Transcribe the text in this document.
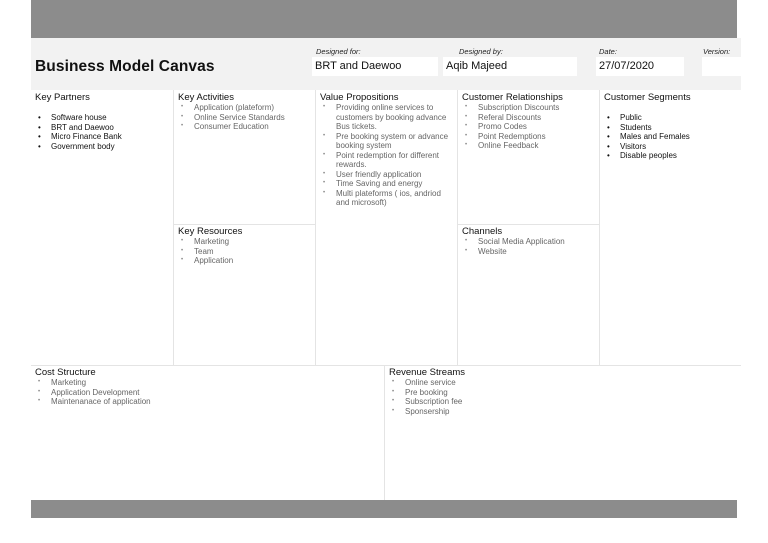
Business Model Canvas
Designed for:
BRT and Daewoo
Designed by:
Aqib Majeed
Date:
27/07/2020
Version:
Key Partners
• Software house
• BRT and Daewoo
• Micro Finance Bank
• Government body
Key Activities
• Application (plateform)
• Online Service Standards
• Consumer Education
Key Resources
• Marketing
• Team
• Application
Value Propositions
• Providing online services to customers by booking advance Bus tickets.
• Pre booking system or advance booking system
• Point redemption for different rewards.
• User friendly application
• Time Saving and energy
• Multi plateforms ( ios, andriod and microsoft)
Customer Relationships
• Subscription Discounts
• Referal Discounts
• Promo Codes
• Point Redemptions
• Online Feedback
Channels
• Social Media Application
• Website
Customer Segments
• Public
• Students
• Males and Females
• Visitors
• Disable peoples
Cost Structure
• Marketing
• Application Development
• Maintenanace of application
Revenue Streams
• Online service
• Pre booking
• Subscription fee
• Sponsership
